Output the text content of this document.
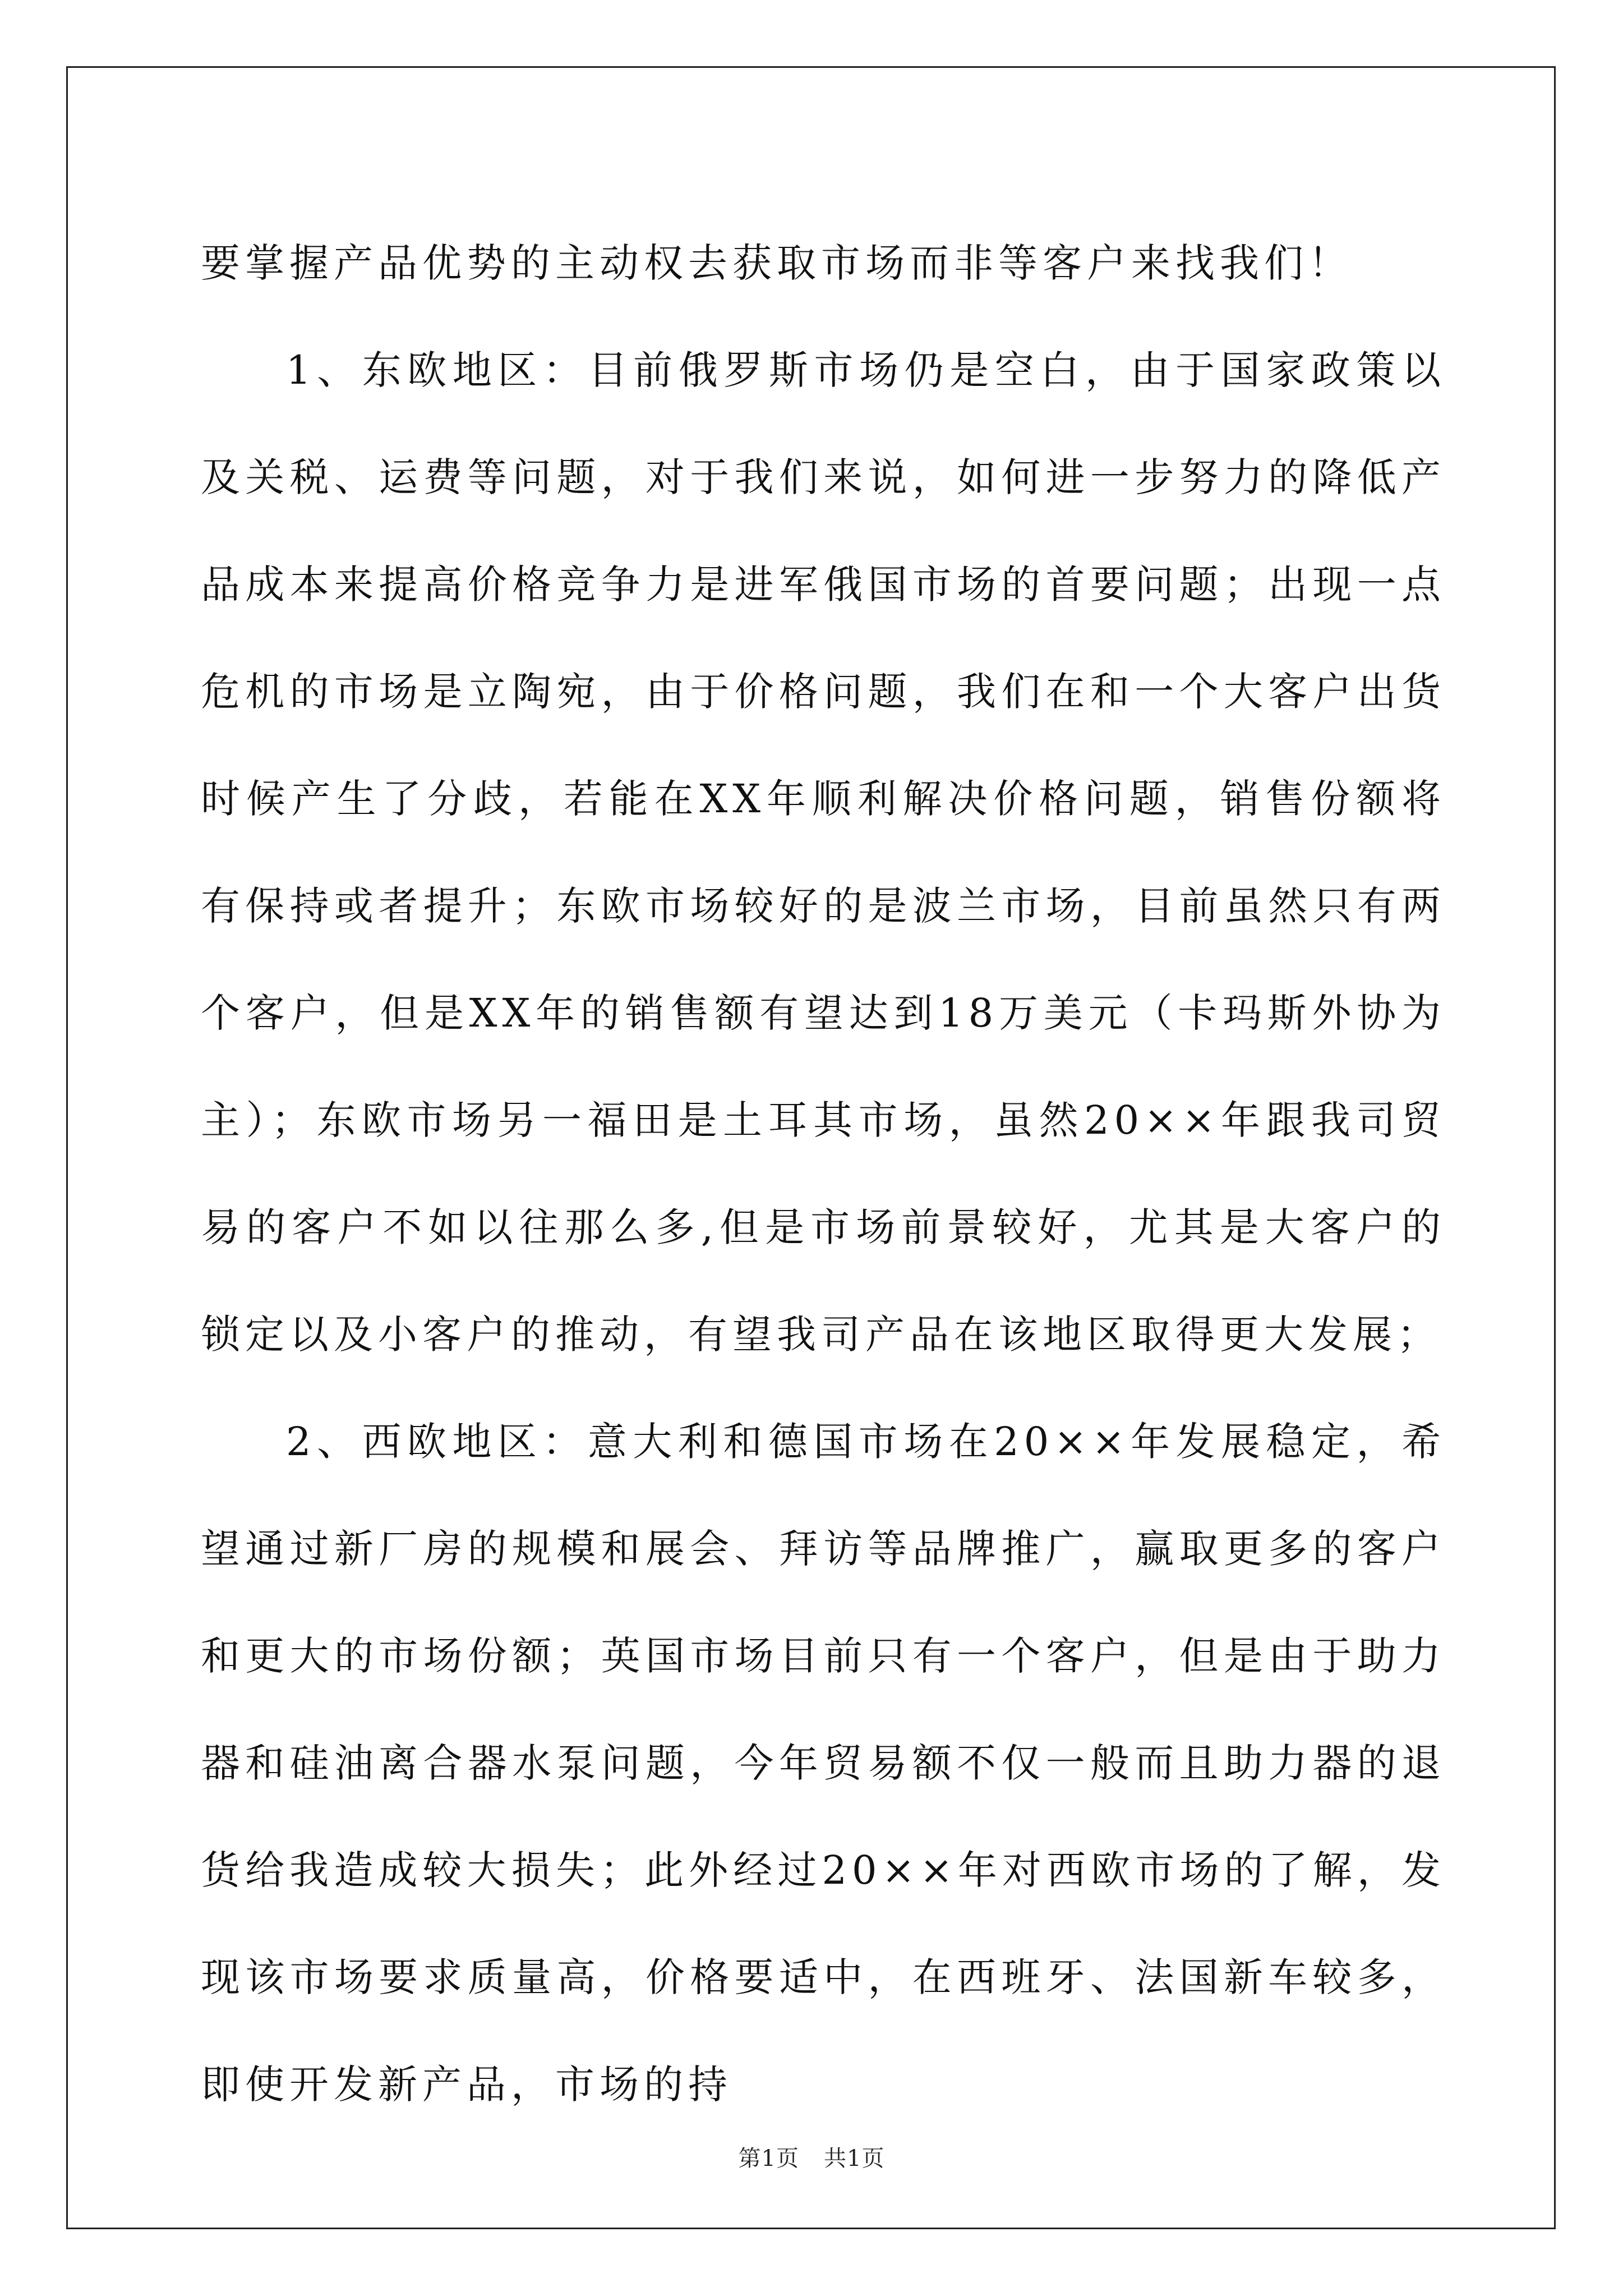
要掌握产品优势的主动权去获取市场而非等客户来找我们！

1、东欧地区：目前俄罗斯市场仍是空白，由于国家政策以及关税、运费等问题，对于我们来说，如何进一步努力的降低产品成本来提高价格竞争力是进军俄国市场的首要问题；出现一点危机的市场是立陶宛，由于价格问题，我们在和一个大客户出货时候产生了分歧，若能在XX年顺利解决价格问题，销售份额将有保持或者提升；东欧市场较好的是波兰市场，目前虽然只有两个客户，但是XX年的销售额有望达到18万美元（卡玛斯外协为主）；东欧市场另一福田是土耳其市场，虽然20××年跟我司贸易的客户不如以往那么多,但是市场前景较好，尤其是大客户的锁定以及小客户的推动，有望我司产品在该地区取得更大发展；

2、西欧地区：意大利和德国市场在20××年发展稳定，希望通过新厂房的规模和展会、拜访等品牌推广，赢取更多的客户和更大的市场份额；英国市场目前只有一个客户，但是由于助力器和硅油离合器水泵问题，今年贸易额不仅一般而且助力器的退货给我造成较大损失；此外经过20××年对西欧市场的了解，发现该市场要求质量高，价格要适中，在西班牙、法国新车较多，即使开发新产品，市场的持

第1页 共1页
